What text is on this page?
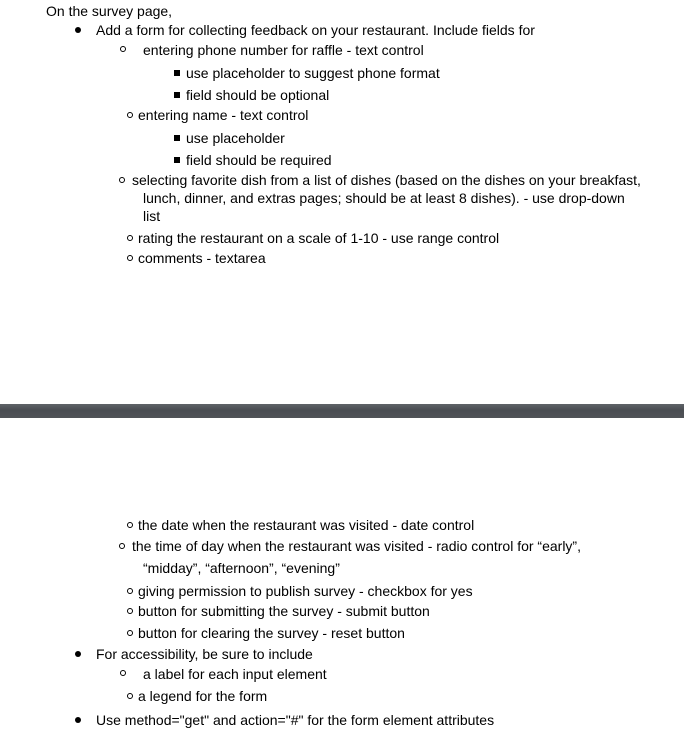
On the survey page,
Add a form for collecting feedback on your restaurant. Include fields for
entering phone number for raffle - text control
use placeholder to suggest phone format
field should be optional
entering name - text control
use placeholder
field should be required
selecting favorite dish from a list of dishes (based on the dishes on your breakfast,
lunch, dinner, and extras pages; should be at least 8 dishes). - use drop-down
list
rating the restaurant on a scale of 1-10 - use range control
comments - textarea
the date when the restaurant was visited - date control
the time of day when the restaurant was visited - radio control for “early”,
“midday”, “afternoon”, “evening”
giving permission to publish survey - checkbox for yes
button for submitting the survey - submit button
button for clearing the survey - reset button
For accessibility, be sure to include
a label for each input element
a legend for the form
Use method="get" and action="#" for the form element attributes
